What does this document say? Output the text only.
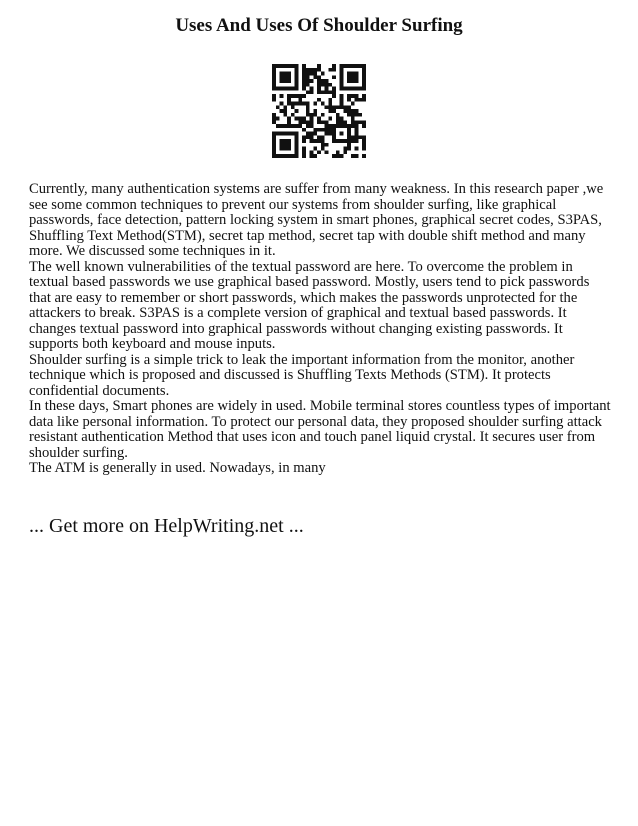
Uses And Uses Of Shoulder Surfing

Currently, many authentication systems are suffer from many weakness. In this research paper ,we see some common techniques to prevent our systems from shoulder surfing, like graphical passwords, face detection, pattern locking system in smart phones, graphical secret codes, S3PAS, Shuffling Text Method(STM), secret tap method, secret tap with double shift method and many more. We discussed some techniques in it.

The well known vulnerabilities of the textual password are here. To overcome the problem in textual based passwords we use graphical based password. Mostly, users tend to pick passwords that are easy to remember or short passwords, which makes the passwords unprotected for the attackers to break. S3PAS is a complete version of graphical and textual based passwords. It changes textual password into graphical passwords without changing existing passwords. It supports both keyboard and mouse inputs.

Shoulder surfing is a simple trick to leak the important information from the monitor, another technique which is proposed and discussed is Shuffling Texts Methods (STM). It protects confidential documents.

In these days, Smart phones are widely in used. Mobile terminal stores countless types of important data like personal information. To protect our personal data, they proposed shoulder surfing attack resistant authentication Method that uses icon and touch panel liquid crystal. It secures user from shoulder surfing.

The ATM is generally in used. Nowadays, in many

... Get more on HelpWriting.net ...
